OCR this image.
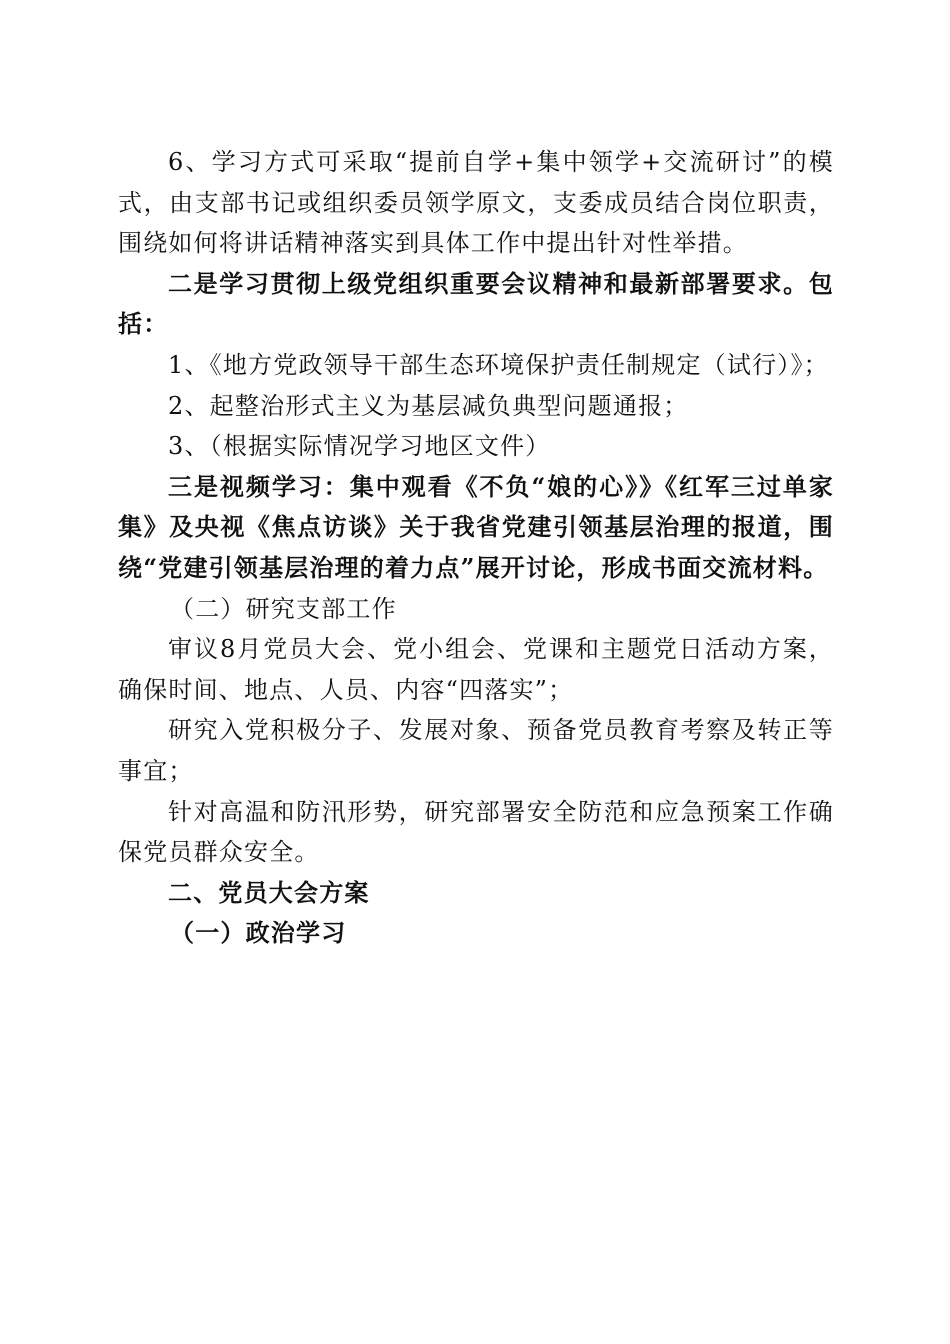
6、学习方式可采取“提前自学+集中领学+交流研讨”的模式，由支部书记或组织委员领学原文，支委成员结合岗位职责，围绕如何将讲话精神落实到具体工作中提出针对性举措。

二是学习贯彻上级党组织重要会议精神和最新部署要求。包括：

1、《地方党政领导干部生态环境保护责任制规定（试行）》；

2、起整治形式主义为基层减负典型问题通报；

3、（根据实际情况学习地区文件）

三是视频学习：集中观看《不负“娘的心》》《红军三过单家集》及央视《焦点访谈》关于我省党建引领基层治理的报道，围绕“党建引领基层治理的着力点”展开讨论，形成书面交流材料。

（二）研究支部工作

审议8月党员大会、党小组会、党课和主题党日活动方案，确保时间、地点、人员、内容“四落实”；

研究入党积极分子、发展对象、预备党员教育考察及转正等事宜；

针对高温和防汛形势，研究部署安全防范和应急预案工作确保党员群众安全。

二、党员大会方案

（一）政治学习
